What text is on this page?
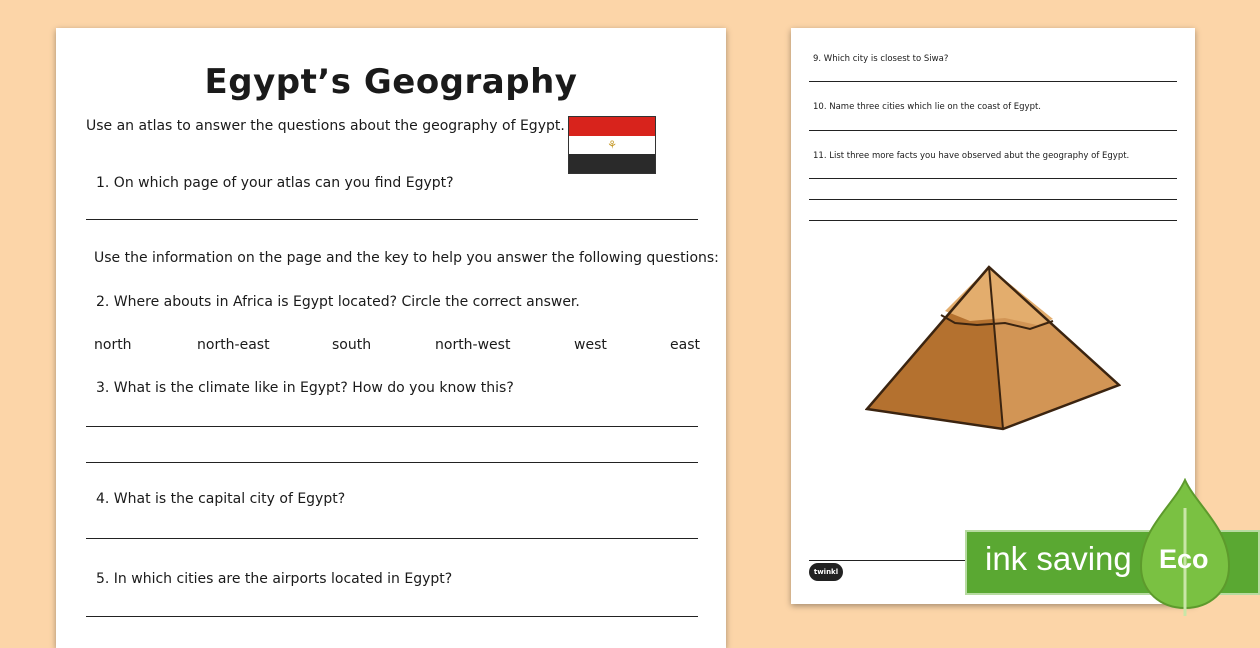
Egypt’s Geography
Use an atlas to answer the questions about the geography of Egypt.
⚘
1. On which page of your atlas can you find Egypt?
Use the information on the page and the key to help you answer the following questions:
2. Where abouts in Africa is Egypt located? Circle the correct answer.
north	north-east	south	north-west	west	east
3. What is the climate like in Egypt? How do you know this?
4. What is the capital city of Egypt?
5. In which cities are the airports located in Egypt?
9. Which city is closest to Siwa?
10. Name three cities which lie on the coast of Egypt.
11. List three more facts you have observed abut the geography of Egypt.
twinkl	ink saving Eco
